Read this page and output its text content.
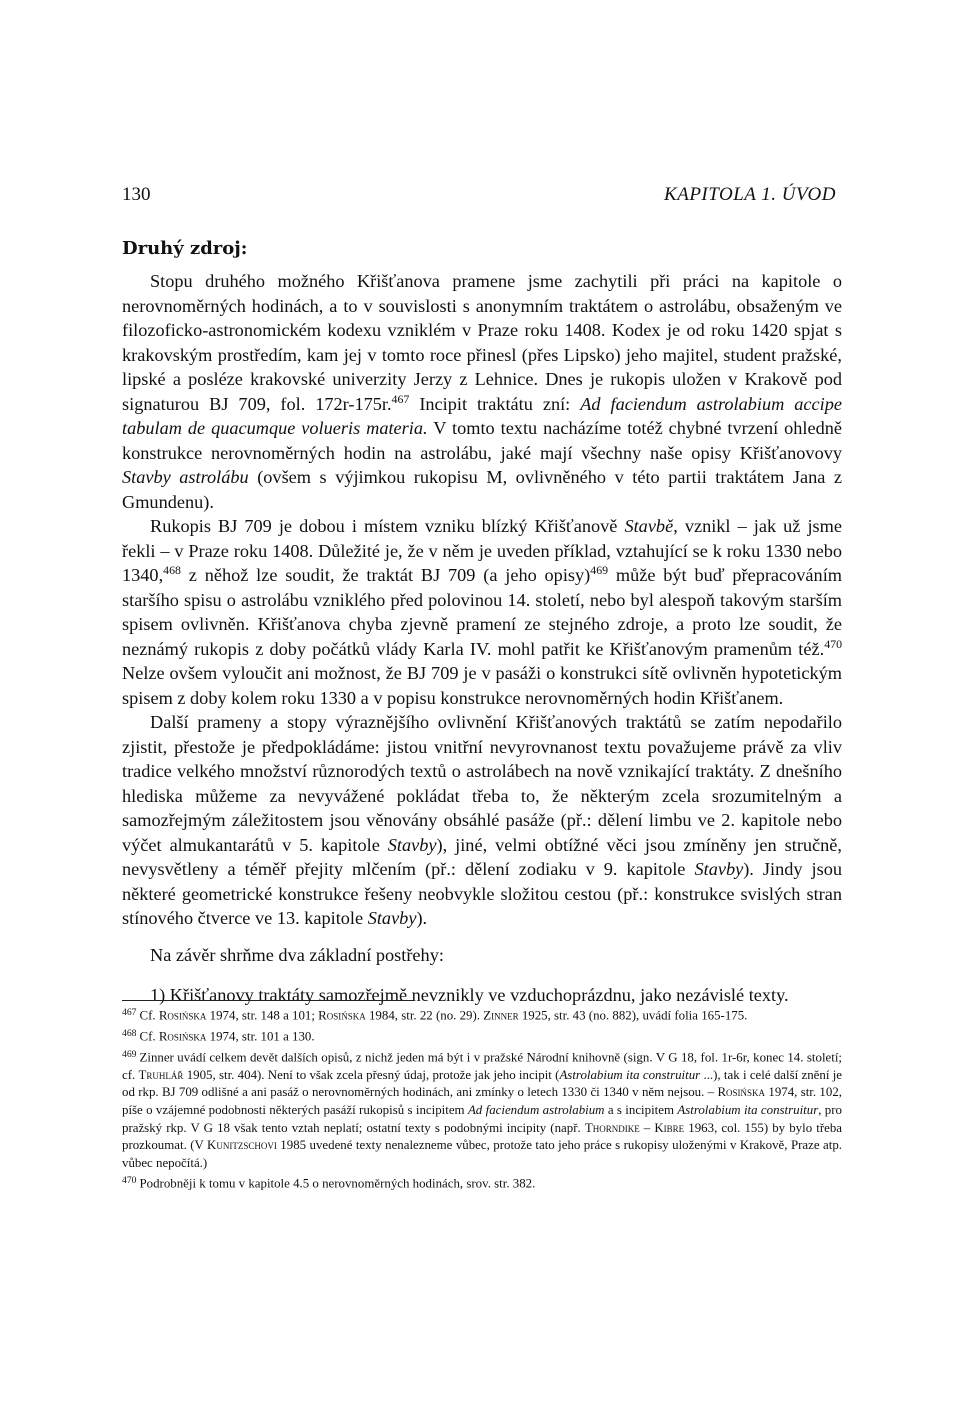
130	KAPITOLA 1. ÚVOD
Druhý zdroj:

Stopu druhého možného Křišťanova pramene jsme zachytili při práci na kapitole o nerovnoměrných hodinách, a to v souvislosti s anonymním traktátem o astrolábu, obsaženým ve filozoficko-astronomickém kodexu vzniklém v Praze roku 1408. Kodex je od roku 1420 spjat s krakovským prostředím, kam jej v tomto roce přinesl (přes Lipsko) jeho majitel, student pražské, lipské a posléze krakovské univerzity Jerzy z Lehnice. Dnes je rukopis uložen v Krakově pod signaturou BJ 709, fol. 172r-175r.$^{467}$ Incipit traktátu zní: Ad faciendum astrolabium accipe tabulam de quacumque volueris materia. V tomto textu nacházíme totéž chybné tvrzení ohledně konstrukce nerovnoměrných hodin na astrolábu, jaké mají všechny naše opisy Křišťanovovy Stavby astrolábu (ovšem s výjimkou rukopisu M, ovlivněného v této partii traktátem Jana z Gmundenu).

Rukopis BJ 709 je dobou i místem vzniku blízký Křišťanově Stavbě, vznikl – jak už jsme řekli – v Praze roku 1408. Důležité je, že v něm je uveden příklad, vztahující se k roku 1330 nebo 1340,$^{468}$ z něhož lze soudit, že traktát BJ 709 (a jeho opisy)$^{469}$ může být buď přepracováním staršího spisu o astrolábu vzniklého před polovinou 14. století, nebo byl alespoň takovým starším spisem ovlivněn. Křišťanova chyba zjevně pramení ze stejného zdroje, a proto lze soudit, že neznámý rukopis z doby počátků vlády Karla IV. mohl patřit ke Křišťanovým pramenům též.$^{470}$ Nelze ovšem vyloučit ani možnost, že BJ 709 je v pasáži o konstrukci sítě ovlivněn hypotetickým spisem z doby kolem roku 1330 a v popisu konstrukce nerovnoměrných hodin Křišťanem.

Další prameny a stopy výraznějšího ovlivnění Křišťanových traktátů se zatím nepodařilo zjistit, přestože je předpokládáme: jistou vnitřní nevyrovnanost textu považujeme právě za vliv tradice velkého množství různorodých textů o astrolábech na nově vznikající traktáty. Z dnešního hlediska můžeme za nevyvážené pokládat třeba to, že některým zcela srozumitelným a samozřejmým záležitostem jsou věnovány obsáhlé pasáže (př.: dělení limbu ve 2. kapitole nebo výčet almukantarátů v 5. kapitole Stavby), jiné, velmi obtížné věci jsou zmíněny jen stručně, nevysvětleny a téměř přejity mlčením (př.: dělení zodiaku v 9. kapitole Stavby). Jindy jsou některé geometrické konstrukce řešeny neobvykle složitou cestou (př.: konstrukce svislých stran stínového čtverce ve 13. kapitole Stavby).

Na závěr shrňme dva základní postřehy:

1) Křišťanovy traktáty samozřejmě nevznikly ve vzduchoprázdnu, jako nezávislé texty.

$^{467}$ Cf. Rosińska 1974, str. 148 a 101; Rosińska 1984, str. 22 (no. 29). Zinner 1925, str. 43 (no. 882), uvádí folia 165-175.

$^{468}$ Cf. Rosińska 1974, str. 101 a 130.

$^{469}$ Zinner uvádí celkem devět dalších opisů, z nichž jeden má být i v pražské Národní knihovně (sign. V G 18, fol. 1r-6r, konec 14. století; cf. Truhlář 1905, str. 404). Není to však zcela přesný údaj, protože jak jeho incipit (Astrolabium ita construitur ...), tak i celé další znění je od rkp. BJ 709 odlišné a ani pasáž o nerovnoměrných hodinách, ani zmínky o letech 1330 či 1340 v něm nejsou. – Rosińska 1974, str. 102, píše o vzájemné podobnosti některých pasáží rukopisů s incipitem Ad faciendum astrolabium a s incipitem Astrolabium ita construitur, pro pražský rkp. V G 18 však tento vztah neplatí; ostatní texty s podobnými incipity (např. Thorndike – Kibre 1963, col. 155) by bylo třeba prozkoumat. (V Kunitzschovi 1985 uvedené texty nenalezneme vůbec, protože tato jeho práce s rukopisy uloženými v Krakově, Praze atp. vůbec nepočítá.)

$^{470}$ Podrobněji k tomu v kapitole 4.5 o nerovnoměrných hodinách, srov. str. 382.
